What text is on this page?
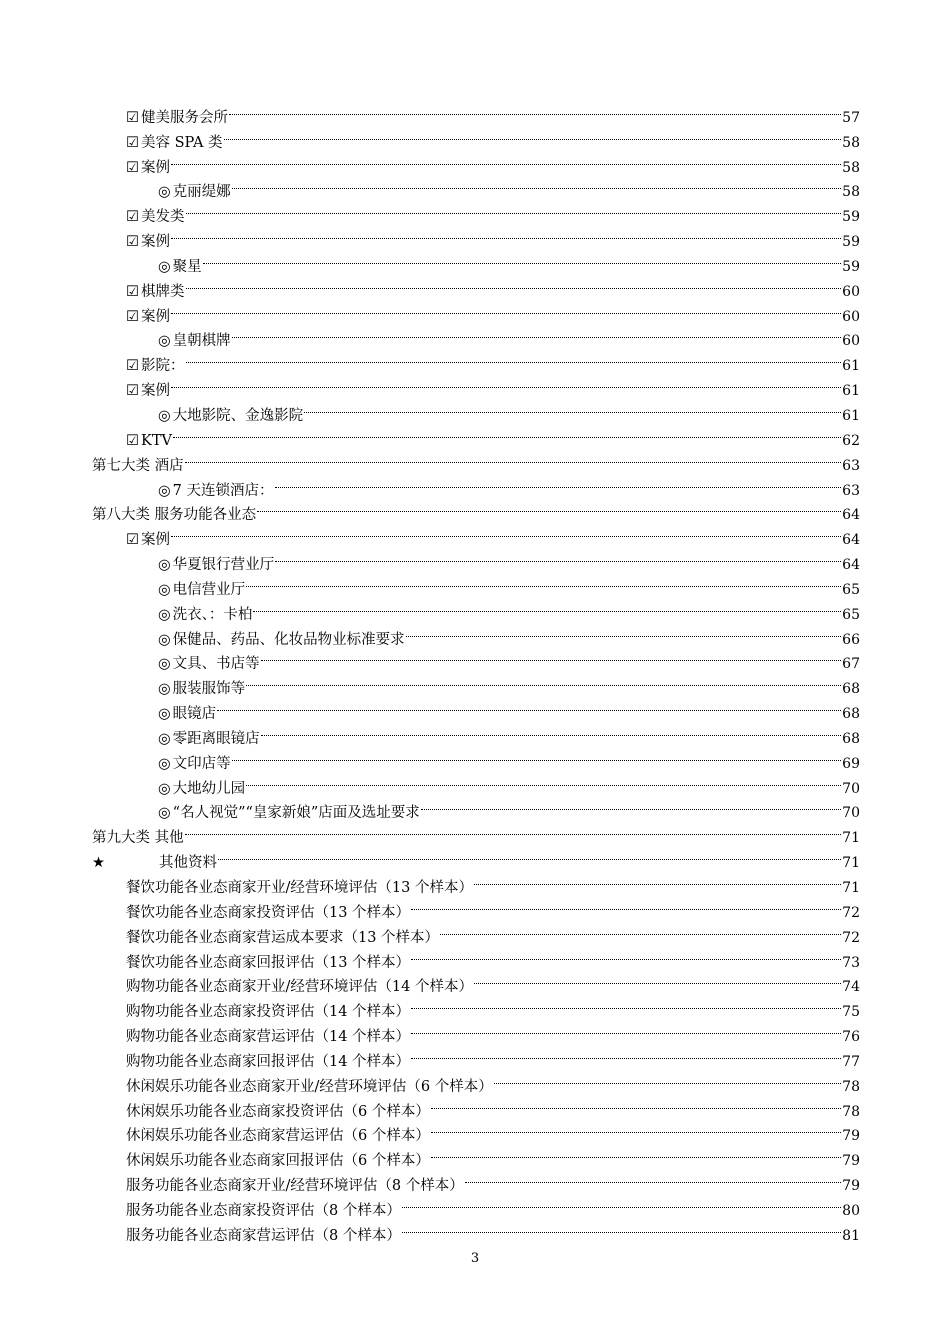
☑ 健美服务会所	57
☑ 美容 SPA 类	58
☑ 案例	58
◎ 克丽缇娜	58
☑ 美发类	59
☑ 案例	59
◎ 聚星	59
☑ 棋牌类	60
☑ 案例	60
◎ 皇朝棋牌	60
☑ 影院：	61
☑ 案例	61
◎ 大地影院、金逸影院	61
☑ KTV	62
第七大类 酒店	63
◎ 7 天连锁酒店：	63
第八大类 服务功能各业态	64
☑ 案例	64
◎ 华夏银行营业厅	64
◎ 电信营业厅	65
◎ 洗衣、：卡柏	65
◎ 保健品、药品、化妆品物业标准要求	66
◎ 文具、书店等	67
◎ 服装服饰等	68
◎ 眼镜店	68
◎ 零距离眼镜店	68
◎ 文印店等	69
◎ 大地幼儿园	70
◎ “名人视觉”“皇家新娘”店面及选址要求	70
第九大类 其他	71
★	其他资料	71
餐饮功能各业态商家开业/经营环境评估（13 个样本）	71
餐饮功能各业态商家投资评估（13 个样本）	72
餐饮功能各业态商家营运成本要求（13 个样本）	72
餐饮功能各业态商家回报评估（13 个样本）	73
购物功能各业态商家开业/经营环境评估（14 个样本）	74
购物功能各业态商家投资评估（14 个样本）	75
购物功能各业态商家营运评估（14 个样本）	76
购物功能各业态商家回报评估（14 个样本）	77
休闲娱乐功能各业态商家开业/经营环境评估（6 个样本）	78
休闲娱乐功能各业态商家投资评估（6 个样本）	78
休闲娱乐功能各业态商家营运评估（6 个样本）	79
休闲娱乐功能各业态商家回报评估（6 个样本）	79
服务功能各业态商家开业/经营环境评估（8 个样本）	79
服务功能各业态商家投资评估（8 个样本）	80
服务功能各业态商家营运评估（8 个样本）	81
3
